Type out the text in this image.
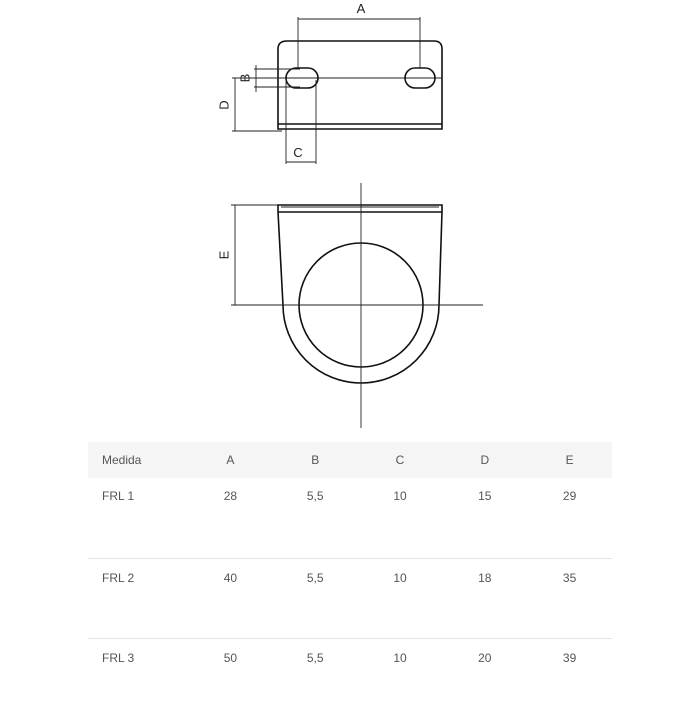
A
B
D
C
E
Medida	A	B	C	D	E
FRL 1	28	5,5	10	15	29
FRL 2	40	5,5	10	18	35
FRL 3	50	5,5	10	20	39
